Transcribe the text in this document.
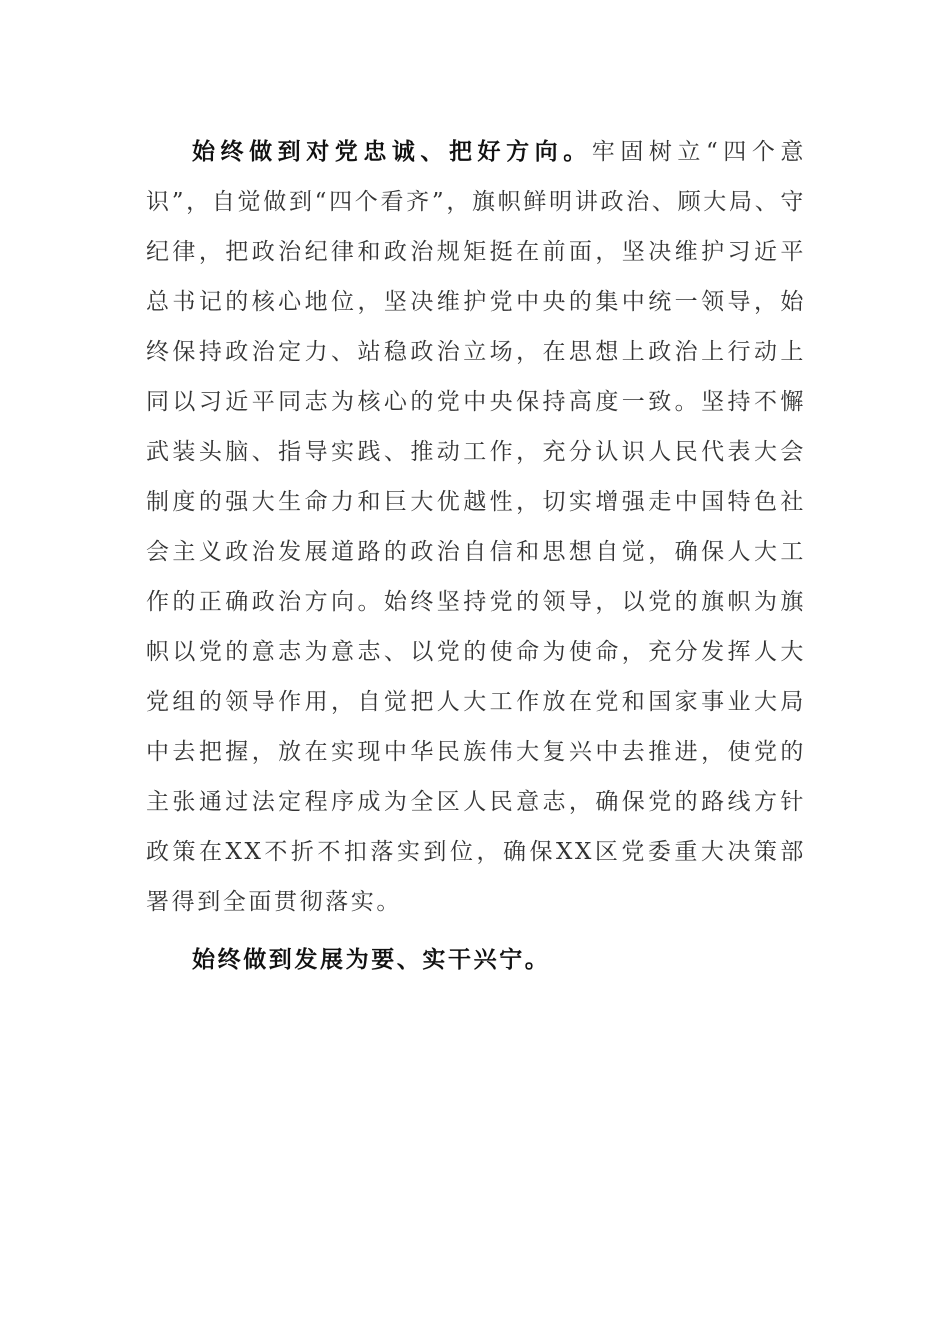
始终做到对党忠诚、把好方向。牢固树立“四个意识”，自觉做到“四个看齐”，旗帜鲜明讲政治、顾大局、守纪律，把政治纪律和政治规矩挺在前面，坚决维护习近平总书记的核心地位，坚决维护党中央的集中统一领导，始终保持政治定力、站稳政治立场，在思想上政治上行动上同以习近平同志为核心的党中央保持高度一致。坚持不懈武装头脑、指导实践、推动工作，充分认识人民代表大会制度的强大生命力和巨大优越性，切实增强走中国特色社会主义政治发展道路的政治自信和思想自觉，确保人大工作的正确政治方向。始终坚持党的领导，以党的旗帜为旗帜以党的意志为意志、以党的使命为使命，充分发挥人大党组的领导作用，自觉把人大工作放在党和国家事业大局中去把握，放在实现中华民族伟大复兴中去推进，使党的主张通过法定程序成为全区人民意志，确保党的路线方针政策在XX不折不扣落实到位，确保XX区党委重大决策部署得到全面贯彻落实。

始终做到发展为要、实干兴宁。
